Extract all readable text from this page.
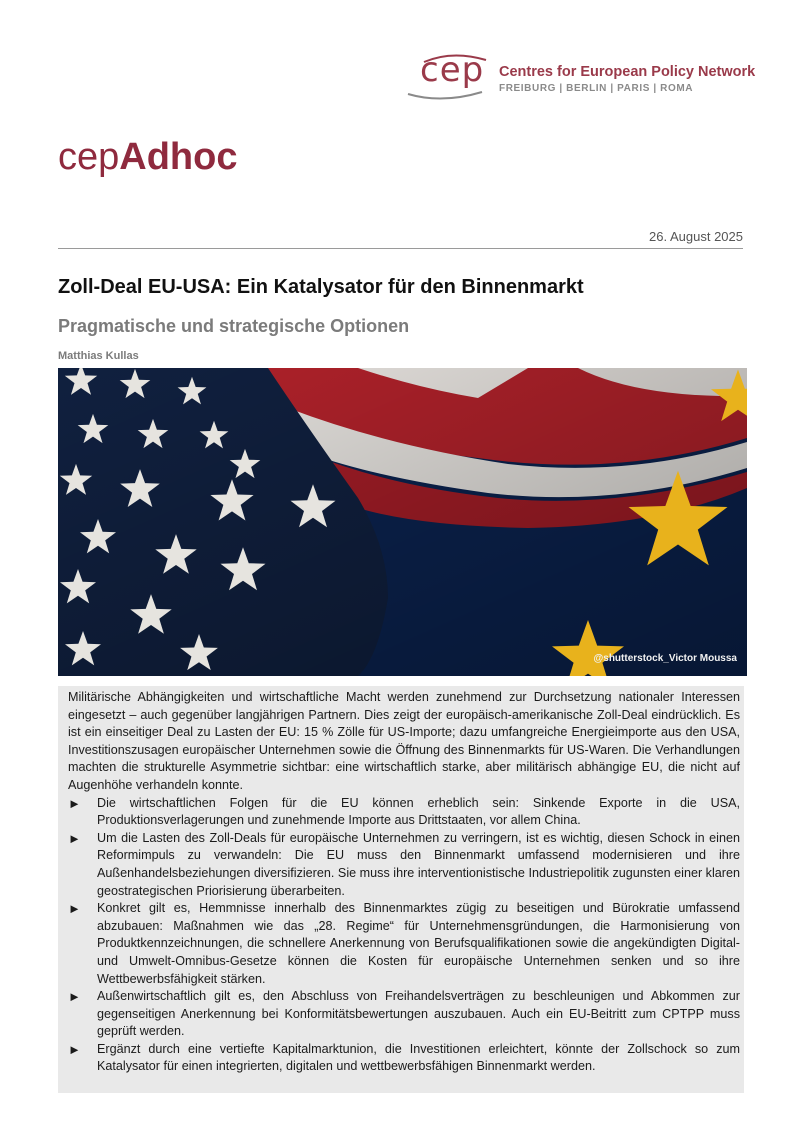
cep Centres for European Policy Network
FREIBURG | BERLIN | PARIS | ROMA
cepAdhoc
26. August 2025
Zoll-Deal EU-USA: Ein Katalysator für den Binnenmarkt
Pragmatische und strategische Optionen
Matthias Kullas
@shutterstock_Victor Moussa

Militärische Abhängigkeiten und wirtschaftliche Macht werden zunehmend zur Durchsetzung nationaler Interessen eingesetzt – auch gegenüber langjährigen Partnern. Dies zeigt der europäisch-amerikanische Zoll-Deal eindrücklich. Es ist ein einseitiger Deal zu Lasten der EU: 15 % Zölle für US-Importe; dazu umfangreiche Energieimporte aus den USA, Investitionszusagen europäischer Unternehmen sowie die Öffnung des Binnenmarkts für US-Waren. Die Verhandlungen machten die strukturelle Asymmetrie sichtbar: eine wirtschaftlich starke, aber militärisch abhängige EU, die nicht auf Augenhöhe verhandeln konnte.

► Die wirtschaftlichen Folgen für die EU können erheblich sein: Sinkende Exporte in die USA, Produktionsverlagerungen und zunehmende Importe aus Drittstaaten, vor allem China.
► Um die Lasten des Zoll-Deals für europäische Unternehmen zu verringern, ist es wichtig, diesen Schock in einen Reformimpuls zu verwandeln: Die EU muss den Binnenmarkt umfassend modernisieren und ihre Außenhandelsbeziehungen diversifizieren. Sie muss ihre interventionistische Industriepolitik zugunsten einer klaren geostrategischen Priorisierung überarbeiten.
► Konkret gilt es, Hemmnisse innerhalb des Binnenmarktes zügig zu beseitigen und Bürokratie umfassend abzubauen: Maßnahmen wie das „28. Regime“ für Unternehmensgründungen, die Harmonisierung von Produktkennzeichnungen, die schnellere Anerkennung von Berufsqualifikationen sowie die angekündigten Digital- und Umwelt-Omnibus-Gesetze können die Kosten für europäische Unternehmen senken und so ihre Wettbewerbsfähigkeit stärken.
► Außenwirtschaftlich gilt es, den Abschluss von Freihandelsverträgen zu beschleunigen und Abkommen zur gegenseitigen Anerkennung bei Konformitätsbewertungen auszubauen. Auch ein EU-Beitritt zum CPTPP muss geprüft werden.
► Ergänzt durch eine vertiefte Kapitalmarktunion, die Investitionen erleichtert, könnte der Zollschock so zum Katalysator für einen integrierten, digitalen und wettbewerbsfähigen Binnenmarkt werden.
